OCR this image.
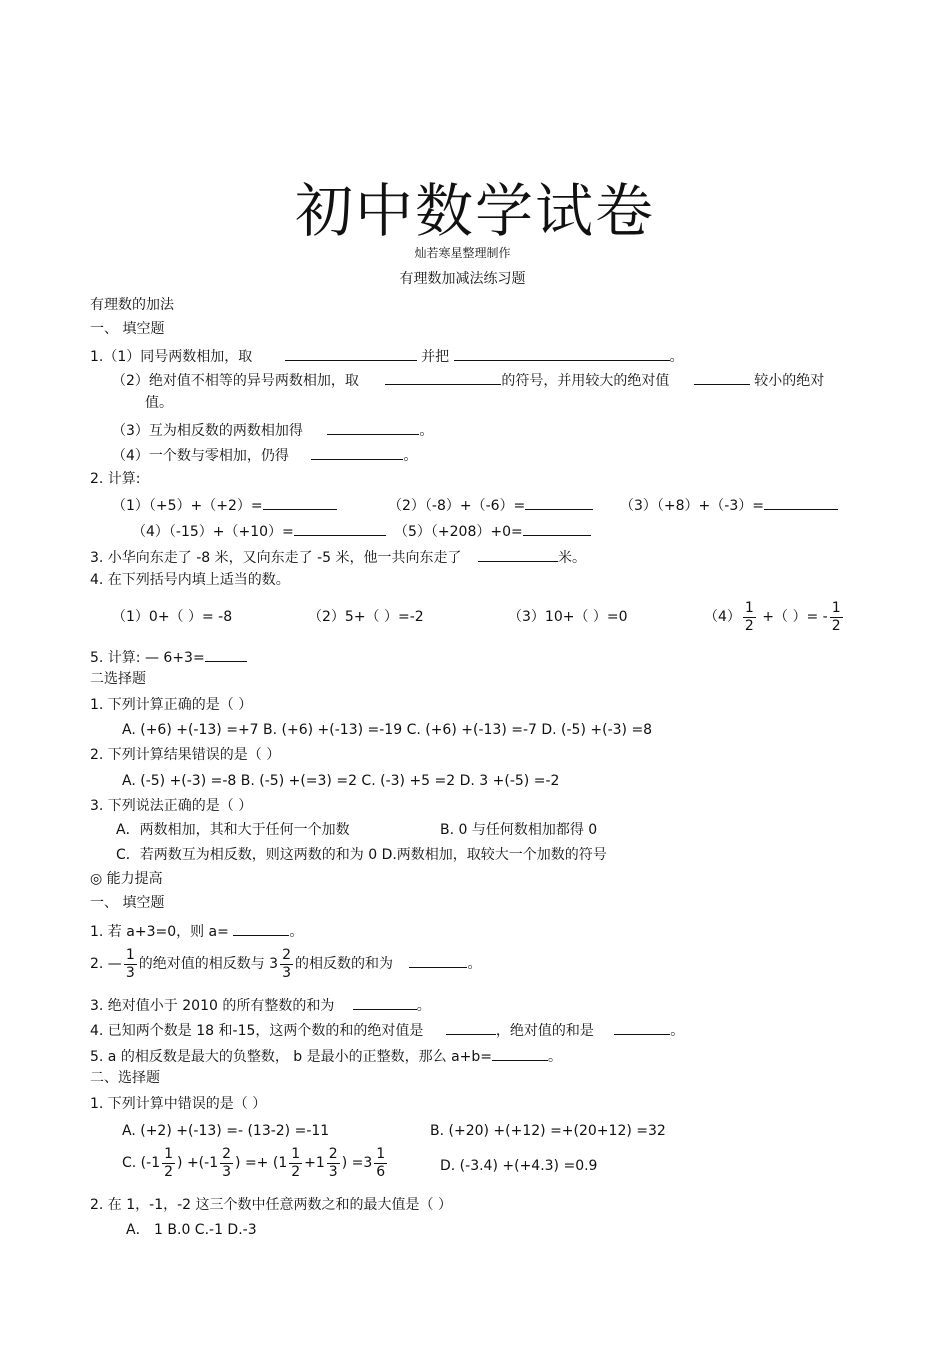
初中数学试卷
灿若寒星整理制作
有理数加减法练习题
有理数的加法
一、 填空题
1.（1）同号两数相加，取	并把	。
（2）绝对值不相等的异号两数相加，取	的符号，并用较大的绝对值	较小的绝对
值。
（3）互为相反数的两数相加得	。
（4）一个数与零相加，仍得	。
2. 计算:
（1）（+5）+（+2）=	（2）（-8）+（-6）=	（3）（+8）+（-3）=
（4）（-15）+（+10）=	（5）（+208）+0=
3. 小华向东走了 -8 米，又向东走了 -5 米，他一共向东走了	米。
4. 在下列括号内填上适当的数。
（1）0+（ ）= -8	（2）5+（ ）=-2	（3）10+（ ）=0	$(4) \frac{1}{2}$ +（ ）= - $\frac{1}{2}$
5. 计算: — 6+3=
二选择题
1. 下列计算正确的是（ ）
A. (+6) +(-13) =+7 B. (+6) +(-13) =-19 C. (+6) +(-13) =-7 D. (-5) +(-3) =8
2. 下列计算结果错误的是（ ）
A. (-5) +(-3) =-8 B. (-5) +(=3) =2 C. (-3) +5 =2 D. 3 +(-5) =-2
3. 下列说法正确的是（ ）
A．两数相加，其和大于任何一个加数	B. 0 与任何数相加都得 0
C．若两数互为相反数，则这两数的和为 0 D.两数相加，取较大一个加数的符号
◎ 能力提高
一、 填空题
1. 若 a+3=0，则 a=	。
2. — $\frac{1}{3}$ 的绝对值的相反数与 $3 \frac{2}{3}$ 的相反数的和为	。
3. 绝对值小于 2010 的所有整数的和为	。
4. 已知两个数是 18 和-15，这两个数的和的绝对值是	，绝对值的和是	。
5. a 的相反数是最大的负整数， b 是最小的正整数，那么 a+b=	。
二、选择题
1. 下列计算中错误的是（ ）
A. (+2) +(-13) =- (13-2) =-11	B. (+20) +(+12) =+(20+12) =32
C. ($-1 \frac{1}{2}$ ) $+(-1 \frac{2}{3}$ ) =+ ($1 \frac{1}{2} +1 \frac{2}{3}$ ) $=3 \frac{1}{6}$	D. (-3.4) +(+4.3) =0.9
2. 在 1，-1，-2 这三个数中任意两数之和的最大值是（ ）
A． 1 B.0 C.-1 D.-3
